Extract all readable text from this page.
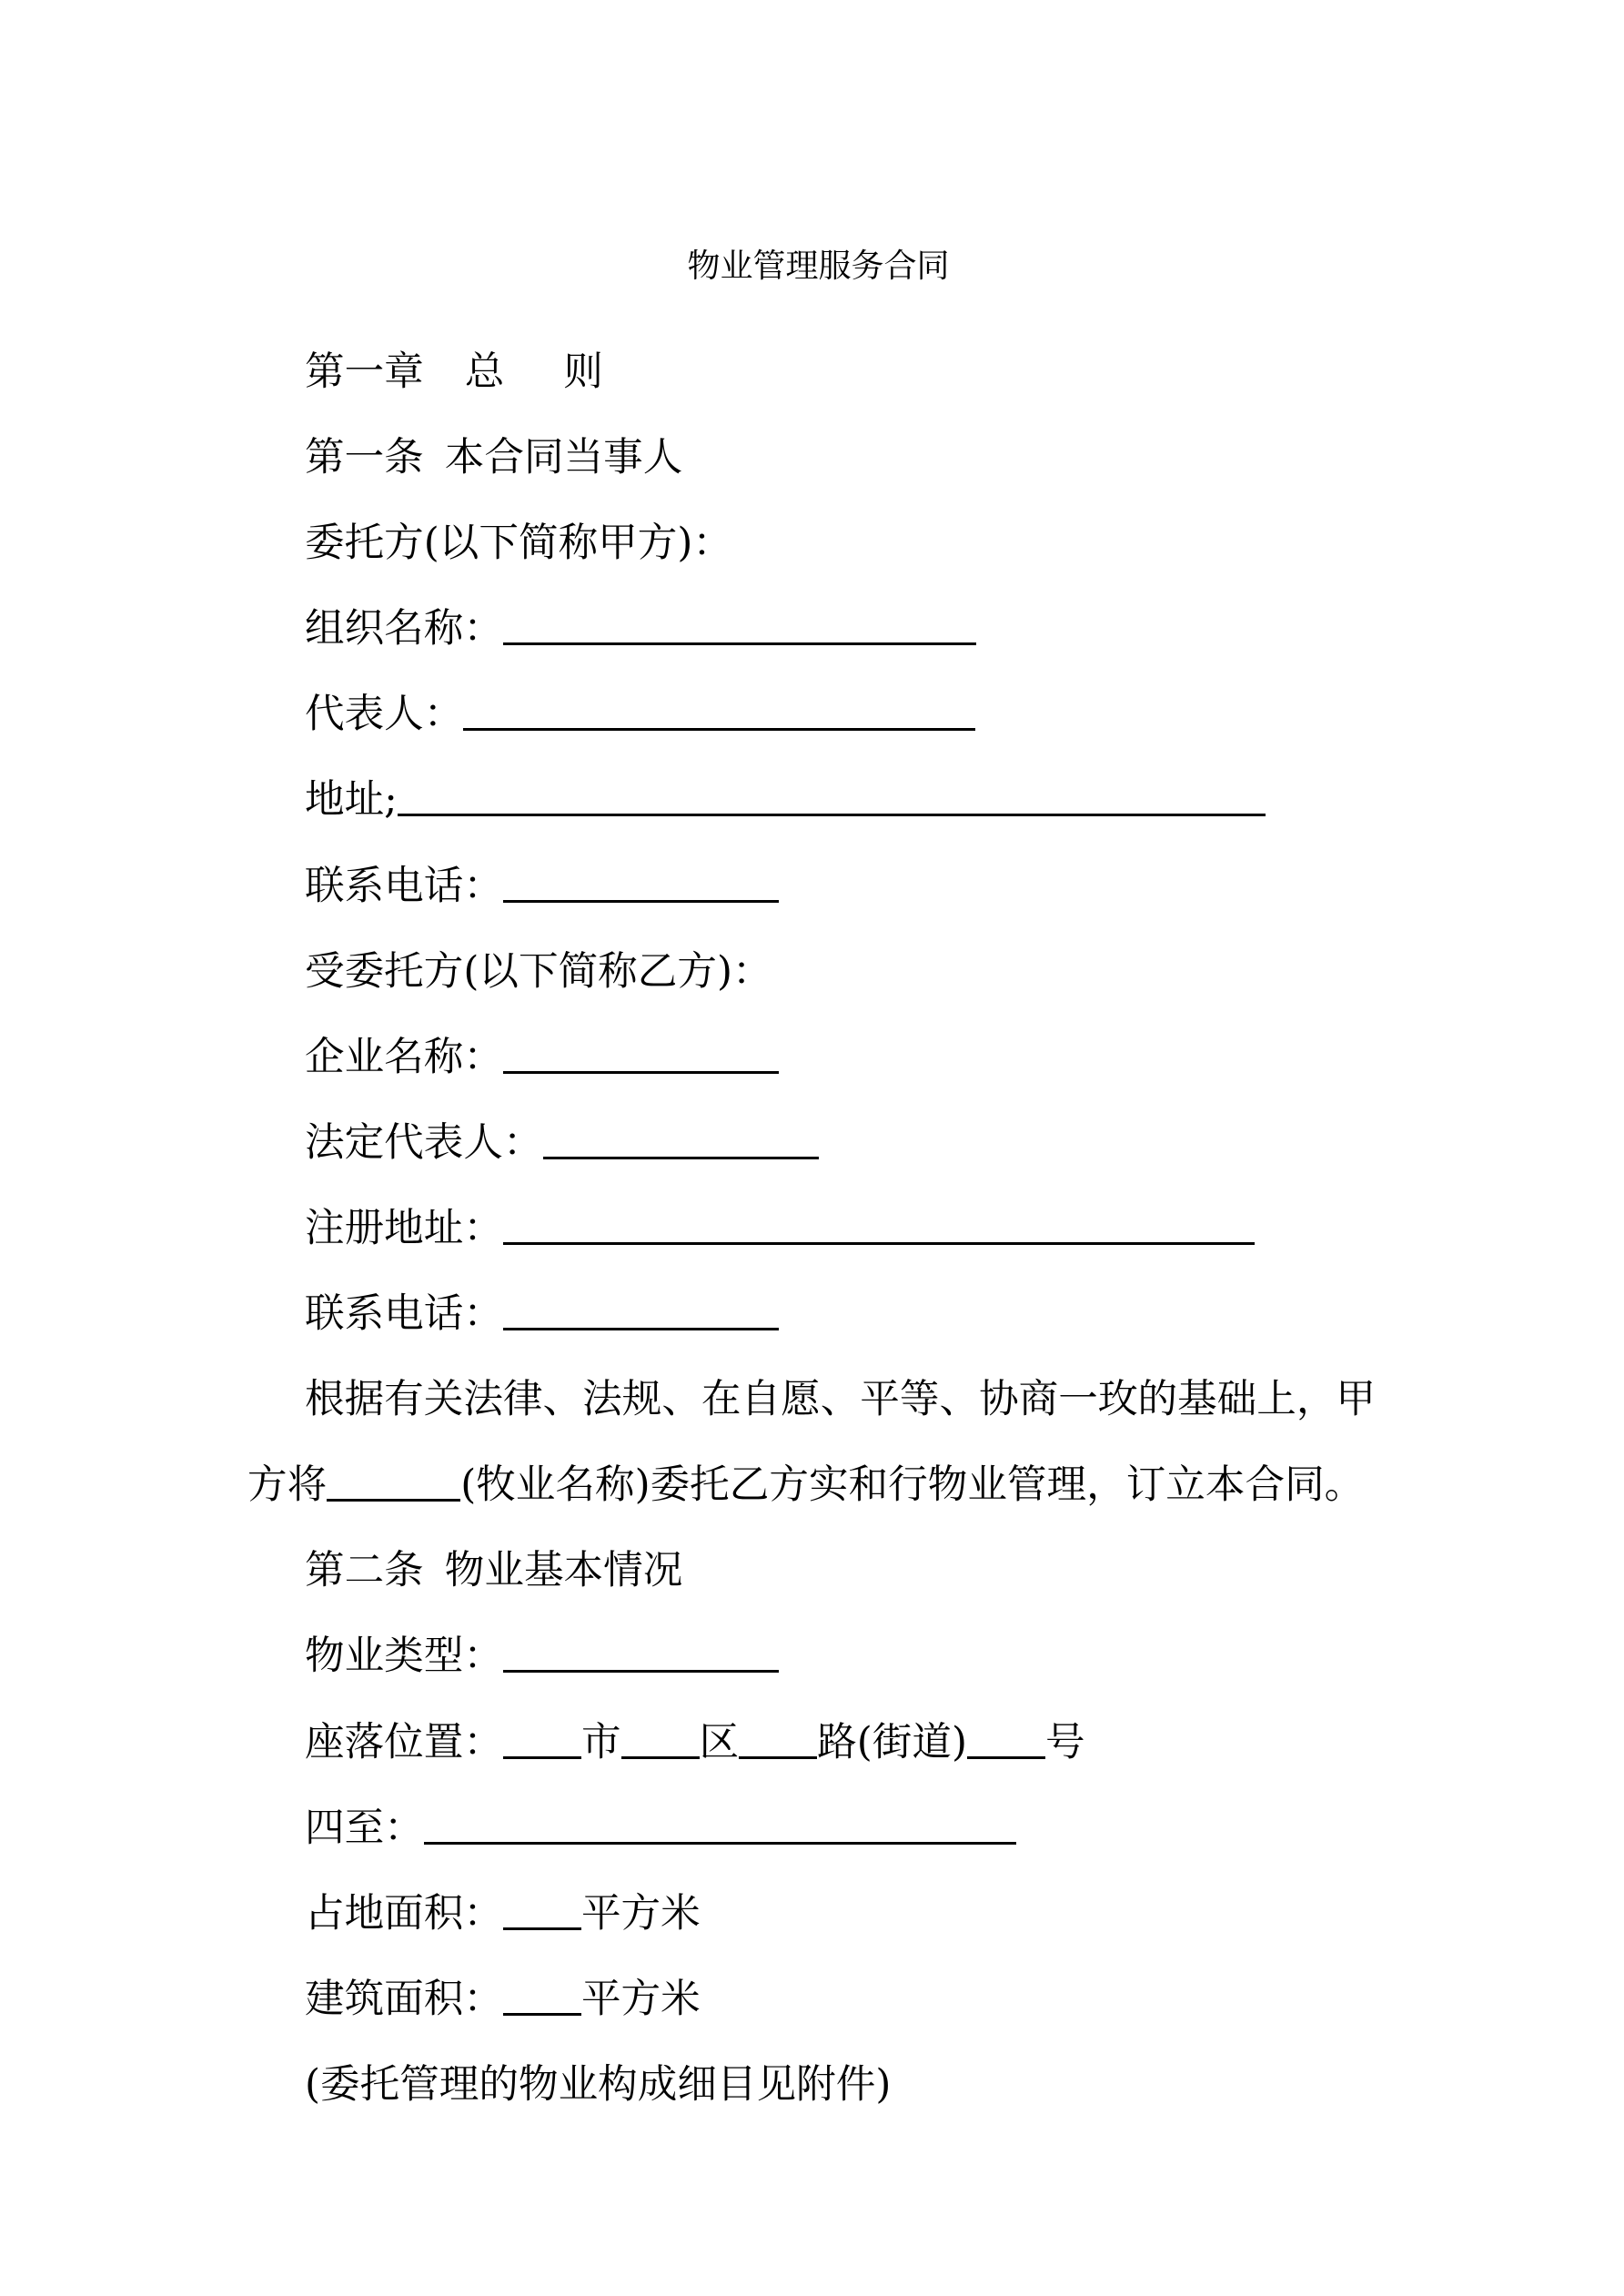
物业管理服务合同
第一章 总 则
第一条 本合同当事人
委托方(以下简称甲方)：
组织名称：
代表人：
地址;
联系电话：
受委托方(以下简称乙方)：
企业名称：
法定代表人：
注册地址：
联系电话：
根据有关法律、法规、在自愿、平等、协商一玫的基础上，甲
方将	(牧业名称)委托乙方实和行物业管理，订立本合同。
第二条 物业基本情况
物业类型：
座落位置： 市 区 路(街道) 号
四至：
占地面积： 平方米
建筑面积： 平方米
(委托管理的物业构成细目见附件)
